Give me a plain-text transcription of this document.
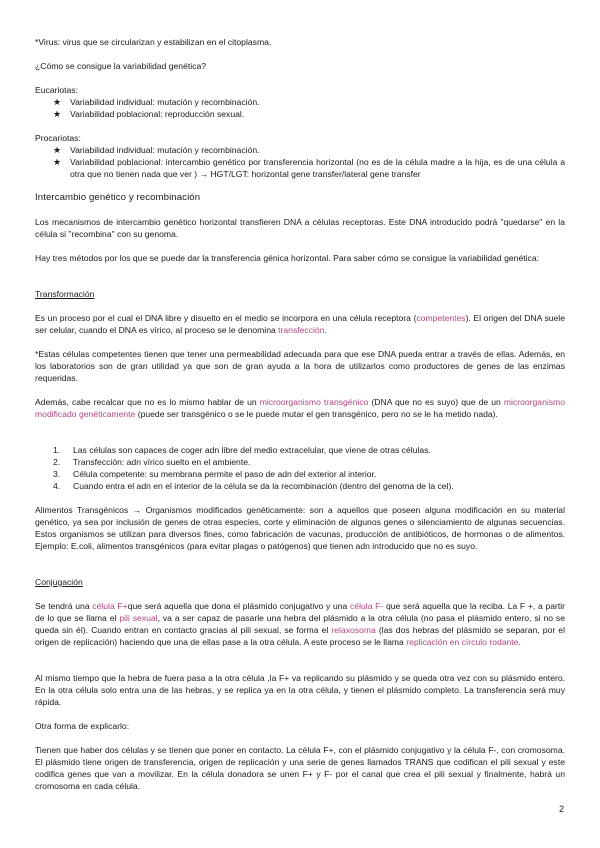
*Virus: virus que se circularizan y estabilizan en el citoplasma.

¿Cómo se consigue la variabilidad genética?

Eucariotas:

★ Variabilidad individual: mutación y recombinación.
★ Variabilidad poblacional: reproducción sexual.

Procariotas:

★ Variabilidad individual: mutación y recombinación.
★ Variabilidad poblacional: intercambio genético por transferencia horizontal (no es de la célula madre a la hija, es de una célula a otra que no tienen nada que ver ) → HGT/LGT: horizontal gene transfer/lateral gene transfer

Intercambio genético y recombinación

Los mecanismos de intercambio genético horizontal transfieren DNA a células receptoras. Este DNA introducido podrá "quedarse" en la célula si "recombina" con su genoma.

Hay tres métodos por los que se puede dar la transferencia génica horizontal. Para saber cómo se consigue la variabilidad genética:

Transformación

Es un proceso por el cual el DNA libre y disuelto en el medio se incorpora en una célula receptora (competentes). El origen del DNA suele ser celular, cuando el DNA es vírico, al proceso se le denomina transfección.

*Estas células competentes tienen que tener una permeabilidad adecuada para que ese DNA pueda entrar a través de ellas. Además, en los laboratorios son de gran utilidad ya que son de gran ayuda a la hora de utilizarlos como productores de genes de las enzimas requeridas.

Además, cabe recalcar que no es lo mismo hablar de un microorganismo transgénico (DNA que no es suyo) que de un microorganismo modificado genéticamente (puede ser transgénico o se le puede mutar el gen transgénico, pero no se le ha metido nada).

1. Las células son capaces de coger adn libre del medio extracelular, que viene de otras células.
2. Transfección: adn vírico suelto en el ambiente.
3. Célula competente: su membrana permite el paso de adn del exterior al interior.
4. Cuando entra el adn en el interior de la célula se da la recombinación (dentro del genoma de la cel).

Alimentos Transgénicos → Organismos modificados genéticamente: son a aquellos que poseen alguna modificación en su material genético, ya sea por inclusión de genes de otras especies, corte y eliminación de algunos genes o silenciamiento de algunas secuencias. Estos organismos se utilizan para diversos fines, como fabricación de vacunas, producción de antibióticos, de hormonas o de alimentos. Ejemplo: E.coli, alimentos transgénicos (para evitar plagas o patógenos) que tienen adn introducido que no es suyo.

Conjugación

Se tendrá una célula F+que será aquella que dona el plásmido conjugativo y una célula F- que será aquella que la reciba. La F +, a partir de lo que se llama el pili sexual, va a ser capaz de pasarle una hebra del plásmido a la otra célula (no pasa el plásmido entero, si no se queda sin él). Cuando entran en contacto gracias al pili sexual, se forma el relaxosoma (las dos hebras del plásmido se separan, por el origen de replicación) haciendo que una de ellas pase a la otra célula. A este proceso se le llama replicación en círculo rodante.

Al mismo tiempo que la hebra de fuera pasa a la otra célula ,la F+ va replicando su plásmido y se queda otra vez con su plásmido entero. En la otra célula solo entra una de las hebras, y se replica ya en la otra célula, y tienen el plásmido completo. La transferencia será muy rápida.

Otra forma de explicarlo:

Tienen que haber dos células y se tienen que poner en contacto. La célula F+, con el plásmido conjugativo y la célula F-, con cromosoma. El plásmido tiene origen de transferencia, origen de replicación y una serie de genes llamados TRANS que codifican el pili sexual y este codifica genes que van a movilizar. En la célula donadora se unen F+ y F- por el canal que crea el pili sexual y finalmente, habrá un cromosoma en cada célula.

2
